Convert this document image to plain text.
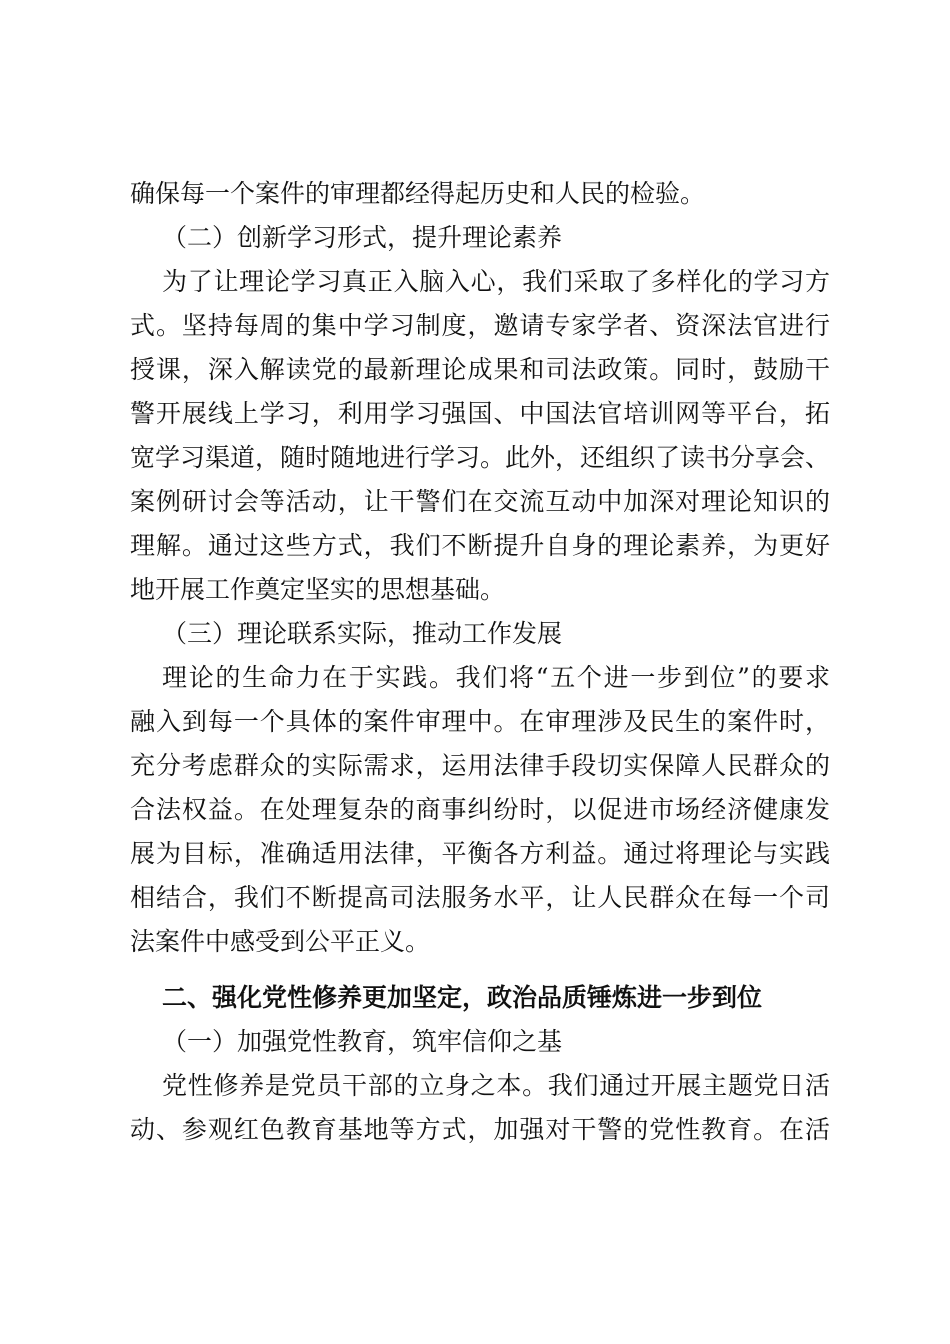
确保每一个案件的审理都经得起历史和人民的检验。
（二）创新学习形式，提升理论素养
为了让理论学习真正入脑入心，我们采取了多样化的学习方
式。坚持每周的集中学习制度，邀请专家学者、资深法官进行
授课，深入解读党的最新理论成果和司法政策。同时，鼓励干
警开展线上学习，利用学习强国、中国法官培训网等平台，拓
宽学习渠道，随时随地进行学习。此外，还组织了读书分享会、
案例研讨会等活动，让干警们在交流互动中加深对理论知识的
理解。通过这些方式，我们不断提升自身的理论素养，为更好
地开展工作奠定坚实的思想基础。
（三）理论联系实际，推动工作发展
理论的生命力在于实践。我们将“五个进一步到位”的要求
融入到每一个具体的案件审理中。在审理涉及民生的案件时，
充分考虑群众的实际需求，运用法律手段切实保障人民群众的
合法权益。在处理复杂的商事纠纷时，以促进市场经济健康发
展为目标，准确适用法律，平衡各方利益。通过将理论与实践
相结合，我们不断提高司法服务水平，让人民群众在每一个司
法案件中感受到公平正义。
二、强化党性修养更加坚定，政治品质锤炼进一步到位
（一）加强党性教育，筑牢信仰之基
党性修养是党员干部的立身之本。我们通过开展主题党日活
动、参观红色教育基地等方式，加强对干警的党性教育。在活
